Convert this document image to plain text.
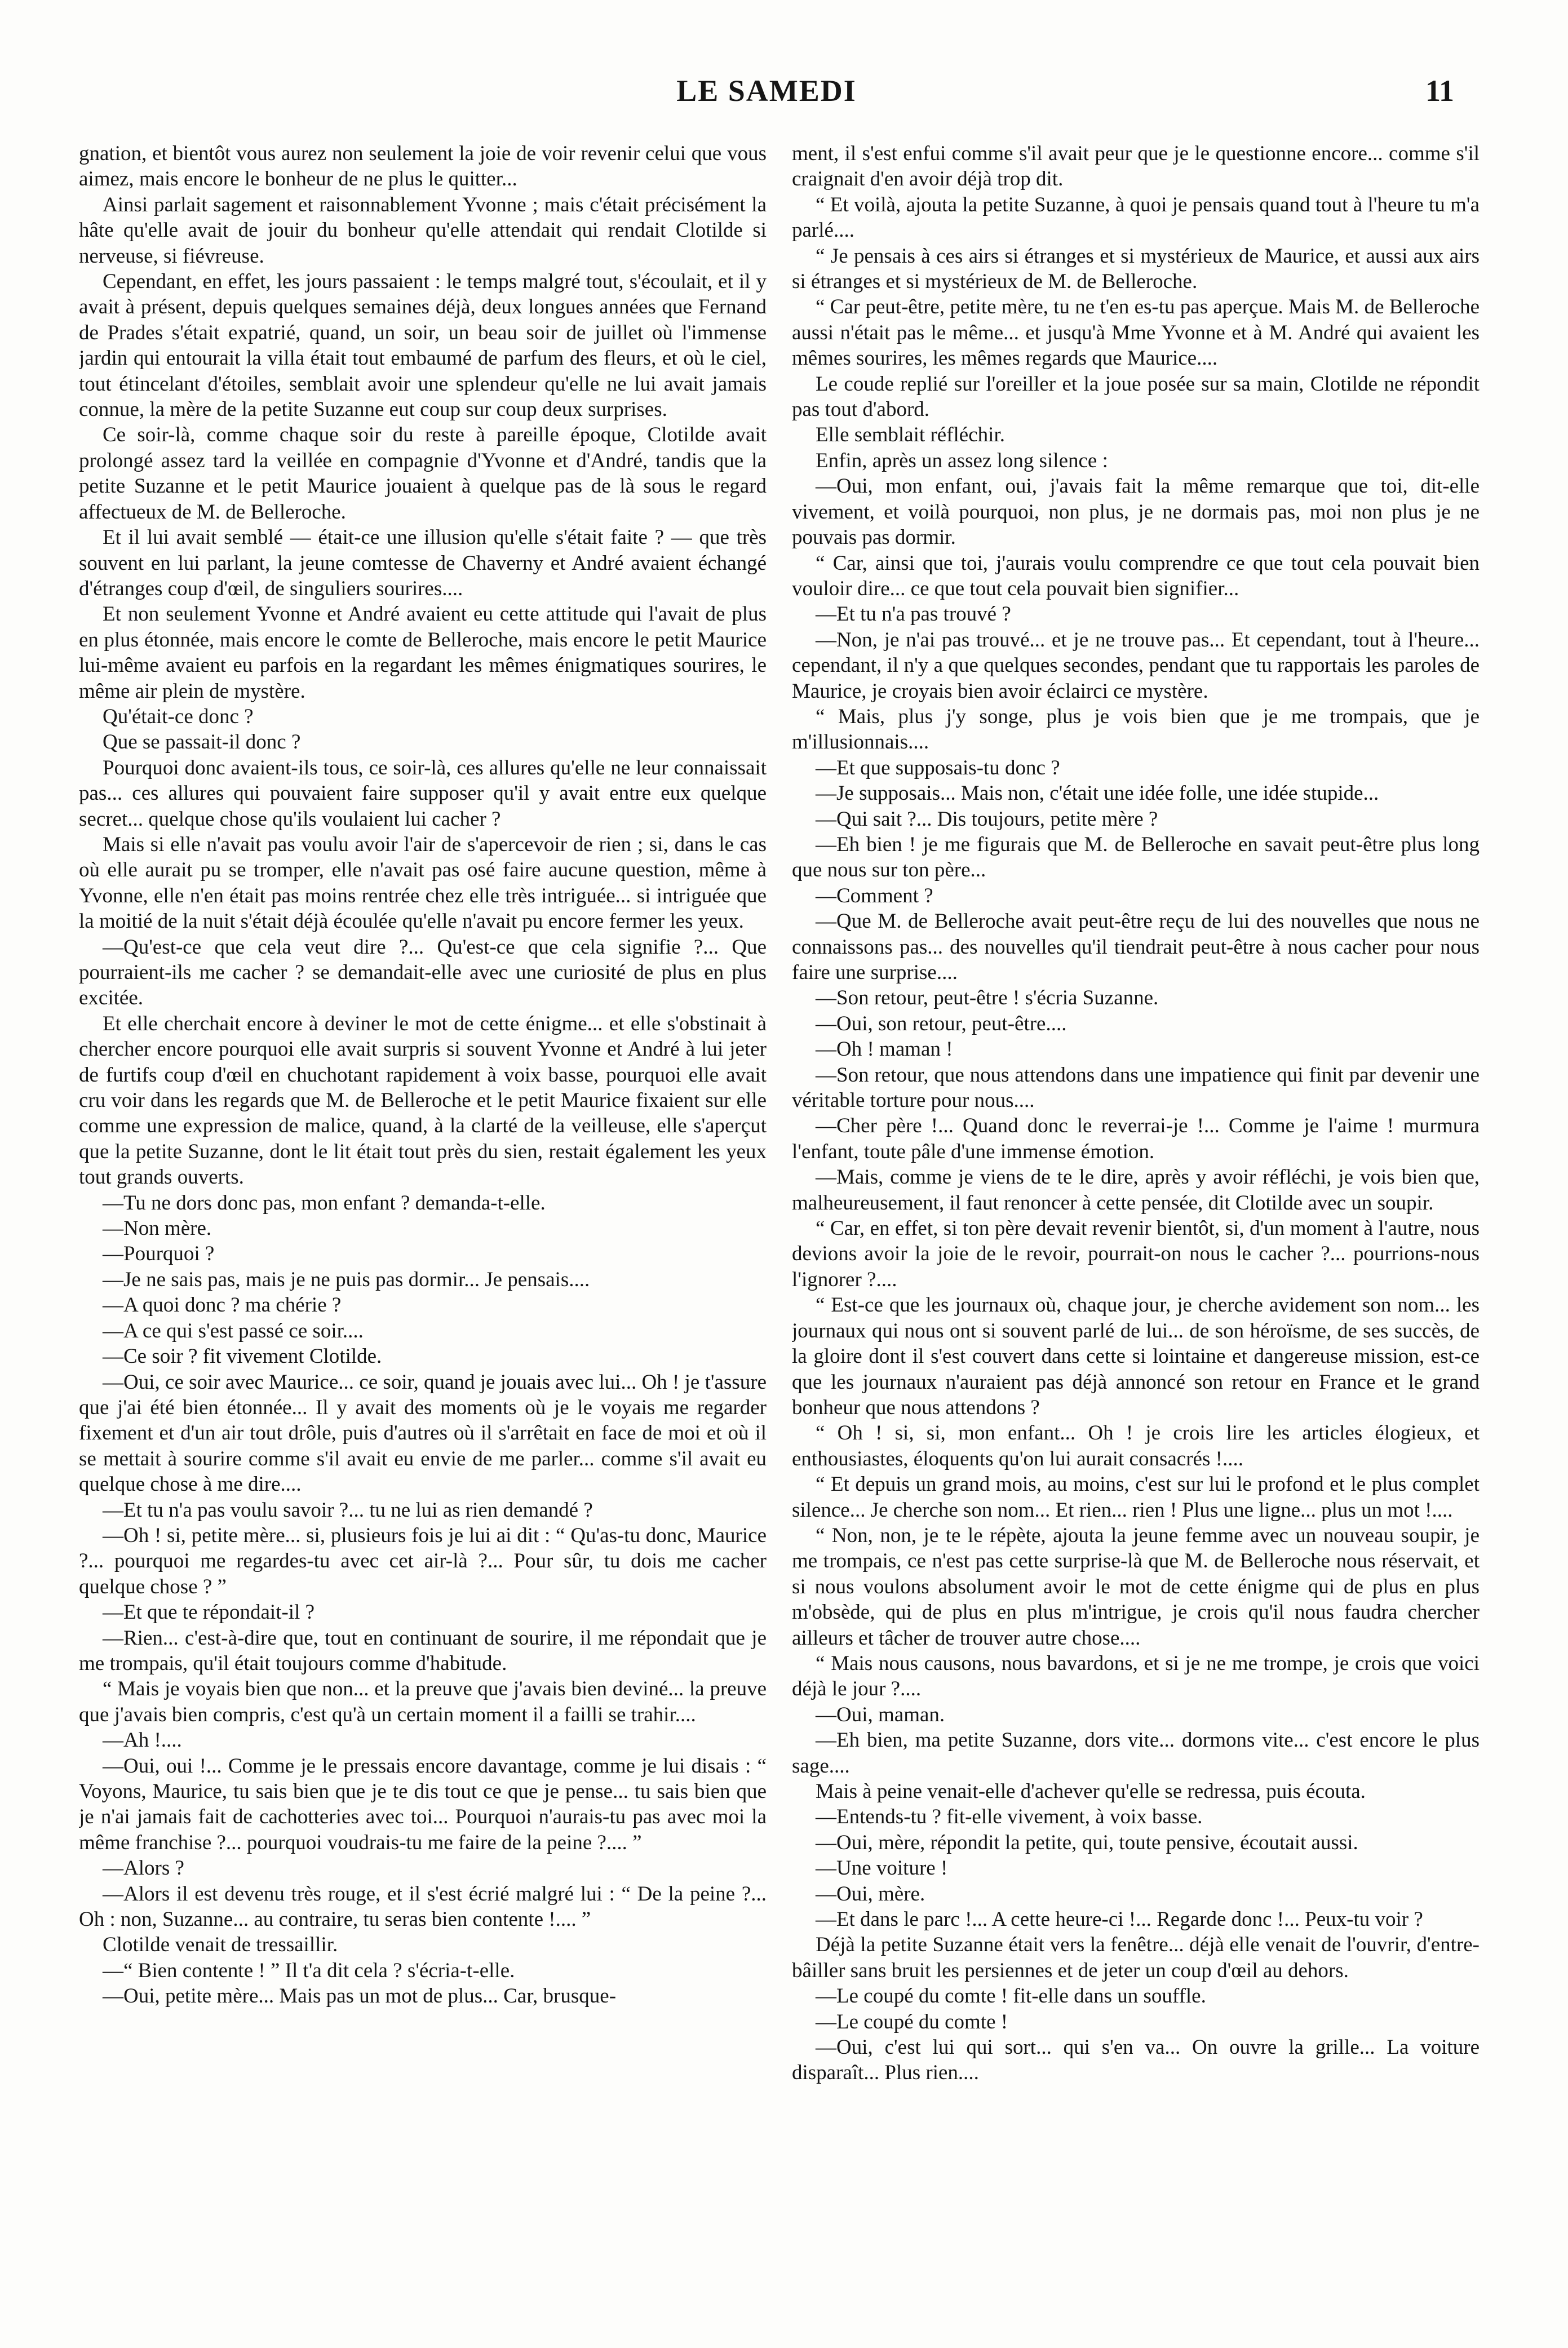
LE SAMEDI	11

gnation, et bientôt vous aurez non seulement la joie de voir revenir celui que vous aimez, mais encore le bonheur de ne plus le quitter...

Ainsi parlait sagement et raisonnablement Yvonne ; mais c'était précisément la hâte qu'elle avait de jouir du bonheur qu'elle attendait qui rendait Clotilde si nerveuse, si fiévreuse.

Cependant, en effet, les jours passaient : le temps malgré tout, s'écoulait, et il y avait à présent, depuis quelques semaines déjà, deux longues années que Fernand de Prades s'était expatrié, quand, un soir, un beau soir de juillet où l'immense jardin qui entourait la villa était tout embaumé de parfum des fleurs, et où le ciel, tout étincelant d'étoiles, semblait avoir une splendeur qu'elle ne lui avait jamais connue, la mère de la petite Suzanne eut coup sur coup deux surprises.

Ce soir-là, comme chaque soir du reste à pareille époque, Clotilde avait prolongé assez tard la veillée en compagnie d'Yvonne et d'André, tandis que la petite Suzanne et le petit Maurice jouaient à quelque pas de là sous le regard affectueux de M. de Belleroche.

Et il lui avait semblé — était-ce une illusion qu'elle s'était faite ? — que très souvent en lui parlant, la jeune comtesse de Chaverny et André avaient échangé d'étranges coup d'œil, de singuliers sourires....

Et non seulement Yvonne et André avaient eu cette attitude qui l'avait de plus en plus étonnée, mais encore le comte de Belleroche, mais encore le petit Maurice lui-même avaient eu parfois en la regardant les mêmes énigmatiques sourires, le même air plein de mystère.

Qu'était-ce donc ?

Que se passait-il donc ?

Pourquoi donc avaient-ils tous, ce soir-là, ces allures qu'elle ne leur connaissait pas... ces allures qui pouvaient faire supposer qu'il y avait entre eux quelque secret... quelque chose qu'ils voulaient lui cacher ?

Mais si elle n'avait pas voulu avoir l'air de s'apercevoir de rien ; si, dans le cas où elle aurait pu se tromper, elle n'avait pas osé faire aucune question, même à Yvonne, elle n'en était pas moins rentrée chez elle très intriguée... si intriguée que la moitié de la nuit s'était déjà écoulée qu'elle n'avait pu encore fermer les yeux.

—Qu'est-ce que cela veut dire ?... Qu'est-ce que cela signifie ?... Que pourraient-ils me cacher ? se demandait-elle avec une curiosité de plus en plus excitée.

Et elle cherchait encore à deviner le mot de cette énigme... et elle s'obstinait à chercher encore pourquoi elle avait surpris si souvent Yvonne et André à lui jeter de furtifs coup d'œil en chuchotant rapidement à voix basse, pourquoi elle avait cru voir dans les regards que M. de Belleroche et le petit Maurice fixaient sur elle comme une expression de malice, quand, à la clarté de la veilleuse, elle s'aperçut que la petite Suzanne, dont le lit était tout près du sien, restait également les yeux tout grands ouverts.

—Tu ne dors donc pas, mon enfant ? demanda-t-elle.

—Non mère.

—Pourquoi ?

—Je ne sais pas, mais je ne puis pas dormir... Je pensais....

—A quoi donc ? ma chérie ?

—A ce qui s'est passé ce soir....

—Ce soir ? fit vivement Clotilde.

—Oui, ce soir avec Maurice... ce soir, quand je jouais avec lui... Oh ! je t'assure que j'ai été bien étonnée... Il y avait des moments où je le voyais me regarder fixement et d'un air tout drôle, puis d'autres où il s'arrêtait en face de moi et où il se mettait à sourire comme s'il avait eu envie de me parler... comme s'il avait eu quelque chose à me dire....

—Et tu n'a pas voulu savoir ?... tu ne lui as rien demandé ?

—Oh ! si, petite mère... si, plusieurs fois je lui ai dit : “ Qu'as-tu donc, Maurice ?... pourquoi me regardes-tu avec cet air-là ?... Pour sûr, tu dois me cacher quelque chose ? ”

—Et que te répondait-il ?

—Rien... c'est-à-dire que, tout en continuant de sourire, il me répondait que je me trompais, qu'il était toujours comme d'habitude.

“ Mais je voyais bien que non... et la preuve que j'avais bien deviné... la preuve que j'avais bien compris, c'est qu'à un certain moment il a failli se trahir....

—Ah !....

—Oui, oui !... Comme je le pressais encore davantage, comme je lui disais : “ Voyons, Maurice, tu sais bien que je te dis tout ce que je pense... tu sais bien que je n'ai jamais fait de cachotteries avec toi... Pourquoi n'aurais-tu pas avec moi la même franchise ?... pourquoi voudrais-tu me faire de la peine ?.... ”

—Alors ?

—Alors il est devenu très rouge, et il s'est écrié malgré lui : “ De la peine ?... Oh : non, Suzanne... au contraire, tu seras bien contente !.... ”

Clotilde venait de tressaillir.

—“ Bien contente ! ” Il t'a dit cela ? s'écria-t-elle.

—Oui, petite mère... Mais pas un mot de plus... Car, brusque-

ment, il s'est enfui comme s'il avait peur que je le questionne encore... comme s'il craignait d'en avoir déjà trop dit.

“ Et voilà, ajouta la petite Suzanne, à quoi je pensais quand tout à l'heure tu m'a parlé....

“ Je pensais à ces airs si étranges et si mystérieux de Maurice, et aussi aux airs si étranges et si mystérieux de M. de Belleroche.

“ Car peut-être, petite mère, tu ne t'en es-tu pas aperçue. Mais M. de Belleroche aussi n'était pas le même... et jusqu'à Mme Yvonne et à M. André qui avaient les mêmes sourires, les mêmes regards que Maurice....

Le coude replié sur l'oreiller et la joue posée sur sa main, Clotilde ne répondit pas tout d'abord.

Elle semblait réfléchir.

Enfin, après un assez long silence :

—Oui, mon enfant, oui, j'avais fait la même remarque que toi, dit-elle vivement, et voilà pourquoi, non plus, je ne dormais pas, moi non plus je ne pouvais pas dormir.

“ Car, ainsi que toi, j'aurais voulu comprendre ce que tout cela pouvait bien vouloir dire... ce que tout cela pouvait bien signifier...

—Et tu n'a pas trouvé ?

—Non, je n'ai pas trouvé... et je ne trouve pas... Et cependant, tout à l'heure... cependant, il n'y a que quelques secondes, pendant que tu rapportais les paroles de Maurice, je croyais bien avoir éclairci ce mystère.

“ Mais, plus j'y songe, plus je vois bien que je me trompais, que je m'illusionnais....

—Et que supposais-tu donc ?

—Je supposais... Mais non, c'était une idée folle, une idée stupide...

—Qui sait ?... Dis toujours, petite mère ?

—Eh bien ! je me figurais que M. de Belleroche en savait peut-être plus long que nous sur ton père...

—Comment ?

—Que M. de Belleroche avait peut-être reçu de lui des nouvelles que nous ne connaissons pas... des nouvelles qu'il tiendrait peut-être à nous cacher pour nous faire une surprise....

—Son retour, peut-être ! s'écria Suzanne.

—Oui, son retour, peut-être....

—Oh ! maman !

—Son retour, que nous attendons dans une impatience qui finit par devenir une véritable torture pour nous....

—Cher père !... Quand donc le reverrai-je !... Comme je l'aime ! murmura l'enfant, toute pâle d'une immense émotion.

—Mais, comme je viens de te le dire, après y avoir réfléchi, je vois bien que, malheureusement, il faut renoncer à cette pensée, dit Clotilde avec un soupir.

“ Car, en effet, si ton père devait revenir bientôt, si, d'un moment à l'autre, nous devions avoir la joie de le revoir, pourrait-on nous le cacher ?... pourrions-nous l'ignorer ?....

“ Est-ce que les journaux où, chaque jour, je cherche avidement son nom... les journaux qui nous ont si souvent parlé de lui... de son héroïsme, de ses succès, de la gloire dont il s'est couvert dans cette si lointaine et dangereuse mission, est-ce que les journaux n'auraient pas déjà annoncé son retour en France et le grand bonheur que nous attendons ?

“ Oh ! si, si, mon enfant... Oh ! je crois lire les articles élogieux, et enthousiastes, éloquents qu'on lui aurait consacrés !....

“ Et depuis un grand mois, au moins, c'est sur lui le profond et le plus complet silence... Je cherche son nom... Et rien... rien ! Plus une ligne... plus un mot !....

“ Non, non, je te le répète, ajouta la jeune femme avec un nouveau soupir, je me trompais, ce n'est pas cette surprise-là que M. de Belleroche nous réservait, et si nous voulons absolument avoir le mot de cette énigme qui de plus en plus m'obsède, qui de plus en plus m'intrigue, je crois qu'il nous faudra chercher ailleurs et tâcher de trouver autre chose....

“ Mais nous causons, nous bavardons, et si je ne me trompe, je crois que voici déjà le jour ?....

—Oui, maman.

—Eh bien, ma petite Suzanne, dors vite... dormons vite... c'est encore le plus sage....

Mais à peine venait-elle d'achever qu'elle se redressa, puis écouta.

—Entends-tu ? fit-elle vivement, à voix basse.

—Oui, mère, répondit la petite, qui, toute pensive, écoutait aussi.

—Une voiture !

—Oui, mère.

—Et dans le parc !... A cette heure-ci !... Regarde donc !... Peux-tu voir ?

Déjà la petite Suzanne était vers la fenêtre... déjà elle venait de l'ouvrir, d'entre-bâiller sans bruit les persiennes et de jeter un coup d'œil au dehors.

—Le coupé du comte ! fit-elle dans un souffle.

—Le coupé du comte !

—Oui, c'est lui qui sort... qui s'en va... On ouvre la grille... La voiture disparaît... Plus rien....
